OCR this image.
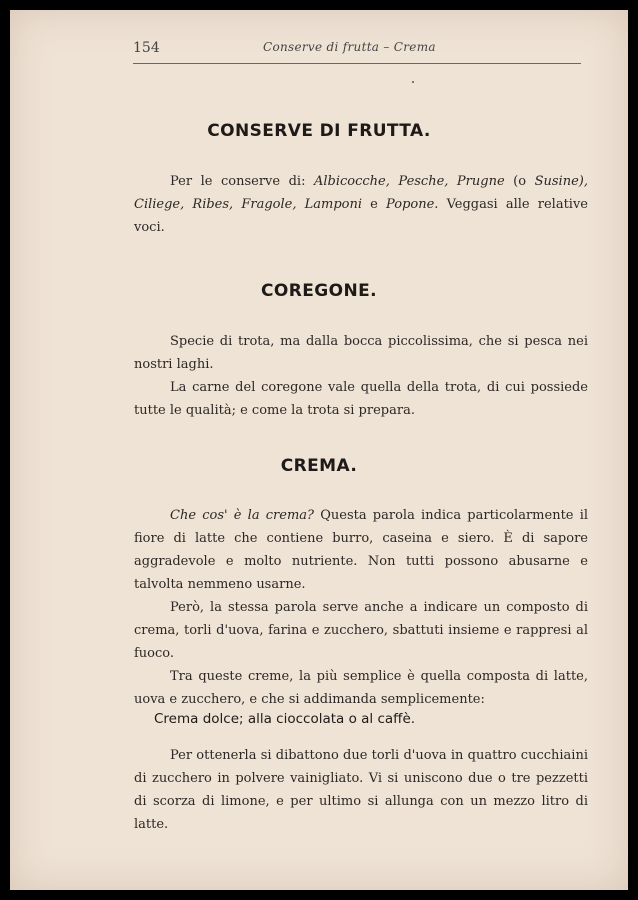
154	Conserve di frutta – Crema
CONSERVE DI FRUTTA.

Per le conserve di: Albicocche, Pesche, Prugne (o Susine), Ciliege, Ribes, Fragole, Lamponi e Popone. Veggasi alle relative voci.

COREGONE.

Specie di trota, ma dalla bocca piccolissima, che si pesca nei nostri laghi.

La carne del coregone vale quella della trota, di cui possiede tutte le qualità; e come la trota si prepara.

CREMA.

Che cos' è la crema? Questa parola indica particolarmente il fiore di latte che contiene burro, caseina e siero. È di sapore aggradevole e molto nutriente. Non tutti possono abusarne e talvolta nemmeno usarne.

Però, la stessa parola serve anche a indicare un composto di crema, torli d'uova, farina e zucchero, sbattuti insieme e rappresi al fuoco.

Tra queste creme, la più semplice è quella composta di latte, uova e zucchero, e che si addimanda semplicemente:

Crema dolce; alla cioccolata o al caffè.

Per ottenerla si dibattono due torli d'uova in quattro cucchiaini di zucchero in polvere vainigliato. Vi si uniscono due o tre pezzetti di scorza di limone, e per ultimo si allunga con un mezzo litro di latte.
